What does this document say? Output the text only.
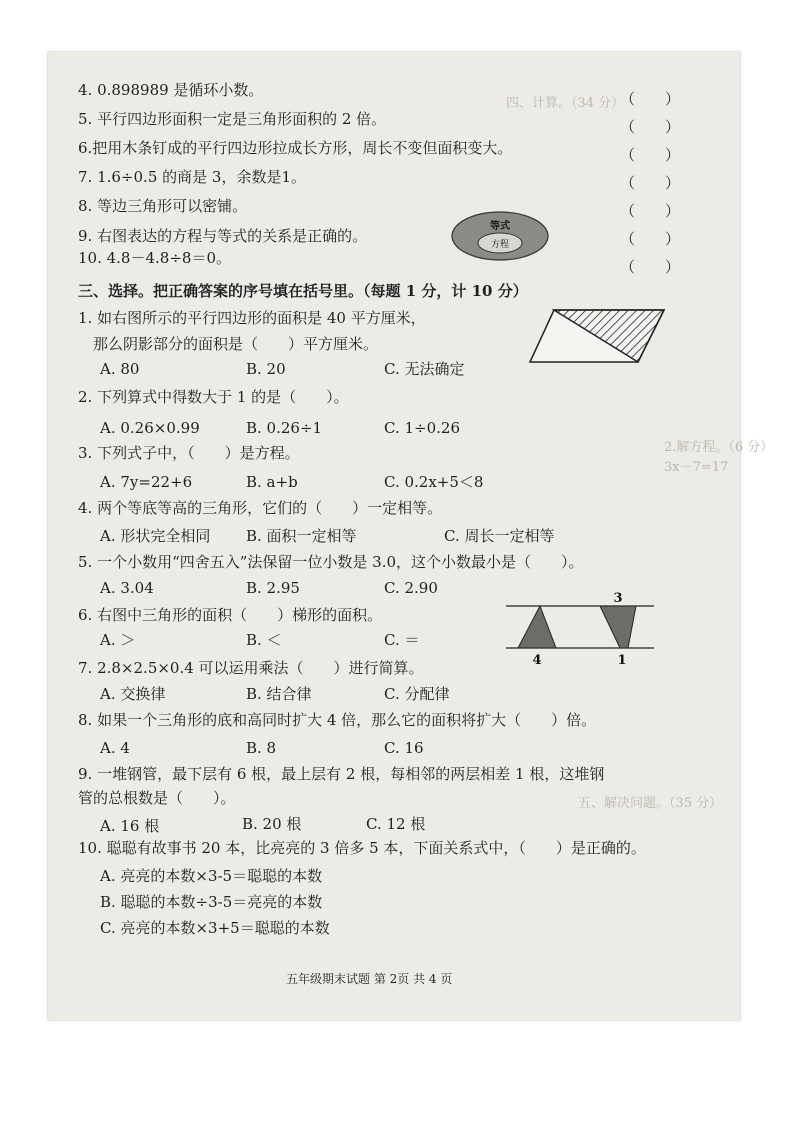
四、计算。（34 分）
2.解方程。（6 分）
3x－7=17
五、解决问题。（35 分）
4. 0.898989 是循环小数。
5. 平行四边形面积一定是三角形面积的 2 倍。
6.把用木条钉成的平行四边形拉成长方形，周长不变但面积变大。
7. 1.6÷0.5 的商是 3，余数是1。
8. 等边三角形可以密铺。
9. 右图表达的方程与等式的关系是正确的。
10. 4.8－4.8÷8＝0。
（　　）
（　　）
（　　）
（　　）
（　　）
（　　）
（　　）
等式
方程
三、选择。把正确答案的序号填在括号里。（每题 1 分，计 10 分）
1. 如右图所示的平行四边形的面积是 40 平方厘米，
　那么阴影部分的面积是（　　）平方厘米。
A. 80	B. 20	C. 无法确定
2. 下列算式中得数大于 1 的是（　　）。
A. 0.26×0.99	B. 0.26÷1	C. 1÷0.26
3. 下列式子中，（　　）是方程。
A. 7y=22+6	B. a+b	C. 0.2x+5＜8
4. 两个等底等高的三角形，它们的（　　）一定相等。
A. 形状完全相同 B. 面积一定相等	C. 周长一定相等
5. 一个小数用“四舍五入”法保留一位小数是 3.0，这个小数最小是（　　）。
A. 3.04	B. 2.95	C. 2.90
6. 右图中三角形的面积（　　）梯形的面积。
A. ＞	B. ＜	C. ＝
3
4	1
7. 2.8×2.5×0.4 可以运用乘法（　　）进行简算。
A. 交换律	B. 结合律	C. 分配律
8. 如果一个三角形的底和高同时扩大 4 倍，那么它的面积将扩大（　　）倍。
A. 4	B. 8	C. 16
9. 一堆钢管，最下层有 6 根，最上层有 2 根，每相邻的两层相差 1 根，这堆钢
管的总根数是（　　）。
A. 16 根	B. 20 根	C. 12 根
10. 聪聪有故事书 20 本，比亮亮的 3 倍多 5 本，下面关系式中，（　　）是正确的。
A. 亮亮的本数×3-5＝聪聪的本数
B. 聪聪的本数÷3-5＝亮亮的本数
C. 亮亮的本数×3+5＝聪聪的本数
五年级期末试题 第 2页 共 4 页
